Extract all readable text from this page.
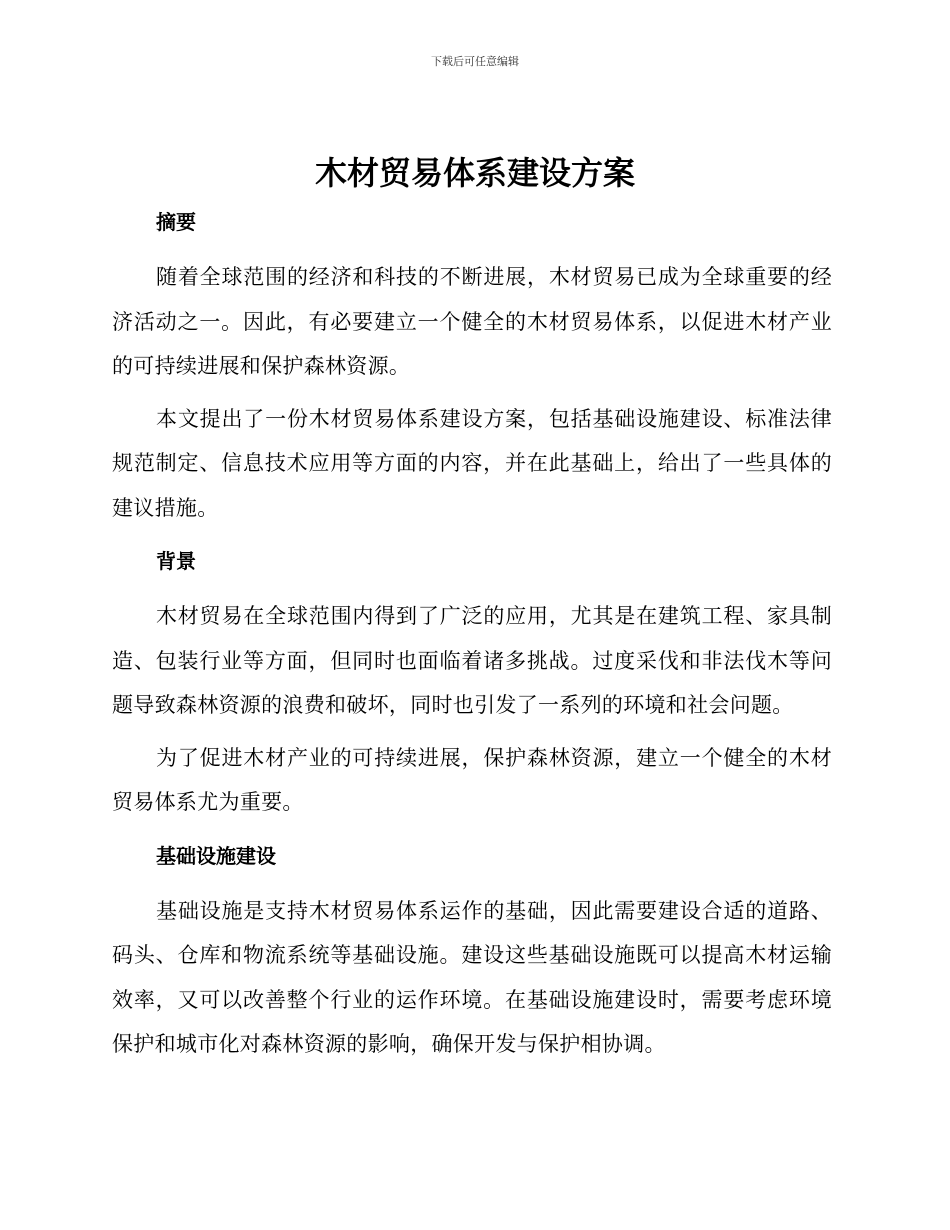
下载后可任意编辑
木材贸易体系建设方案
摘要

随着全球范围的经济和科技的不断进展，木材贸易已成为全球重要的经济活动之一。因此，有必要建立一个健全的木材贸易体系，以促进木材产业的可持续进展和保护森林资源。

本文提出了一份木材贸易体系建设方案，包括基础设施建设、标准法律规范制定、信息技术应用等方面的内容，并在此基础上，给出了一些具体的建议措施。

背景

木材贸易在全球范围内得到了广泛的应用，尤其是在建筑工程、家具制造、包装行业等方面，但同时也面临着诸多挑战。过度采伐和非法伐木等问题导致森林资源的浪费和破坏，同时也引发了一系列的环境和社会问题。

为了促进木材产业的可持续进展，保护森林资源，建立一个健全的木材贸易体系尤为重要。

基础设施建设

基础设施是支持木材贸易体系运作的基础，因此需要建设合适的道路、码头、仓库和物流系统等基础设施。建设这些基础设施既可以提高木材运输效率，又可以改善整个行业的运作环境。在基础设施建设时，需要考虑环境保护和城市化对森林资源的影响，确保开发与保护相协调。
